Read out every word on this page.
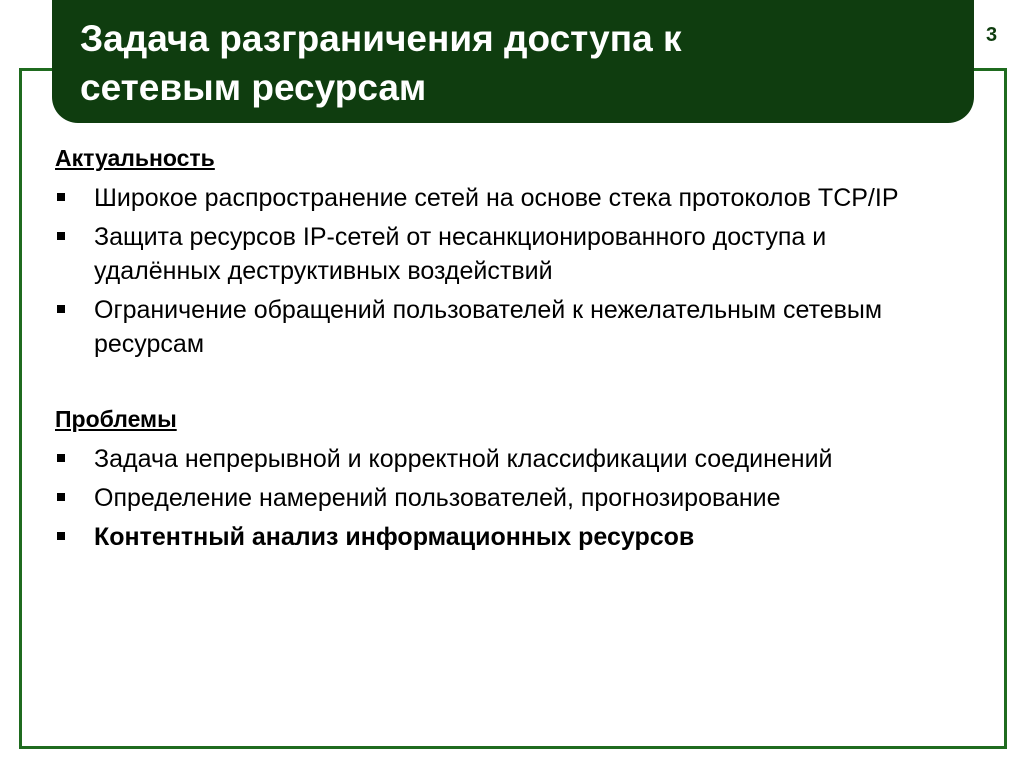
Задача разграничения доступа к
сетевым ресурсам
3

Актуальность

Широкое распространение сетей на основе стека протоколов TCP/IP
Защита ресурсов IP-сетей от несанкционированного доступа и удалённых деструктивных воздействий
Ограничение обращений пользователей к нежелательным сетевым ресурсам

Проблемы

Задача непрерывной и корректной классификации соединений
Определение намерений пользователей, прогнозирование
Контентный анализ информационных ресурсов
